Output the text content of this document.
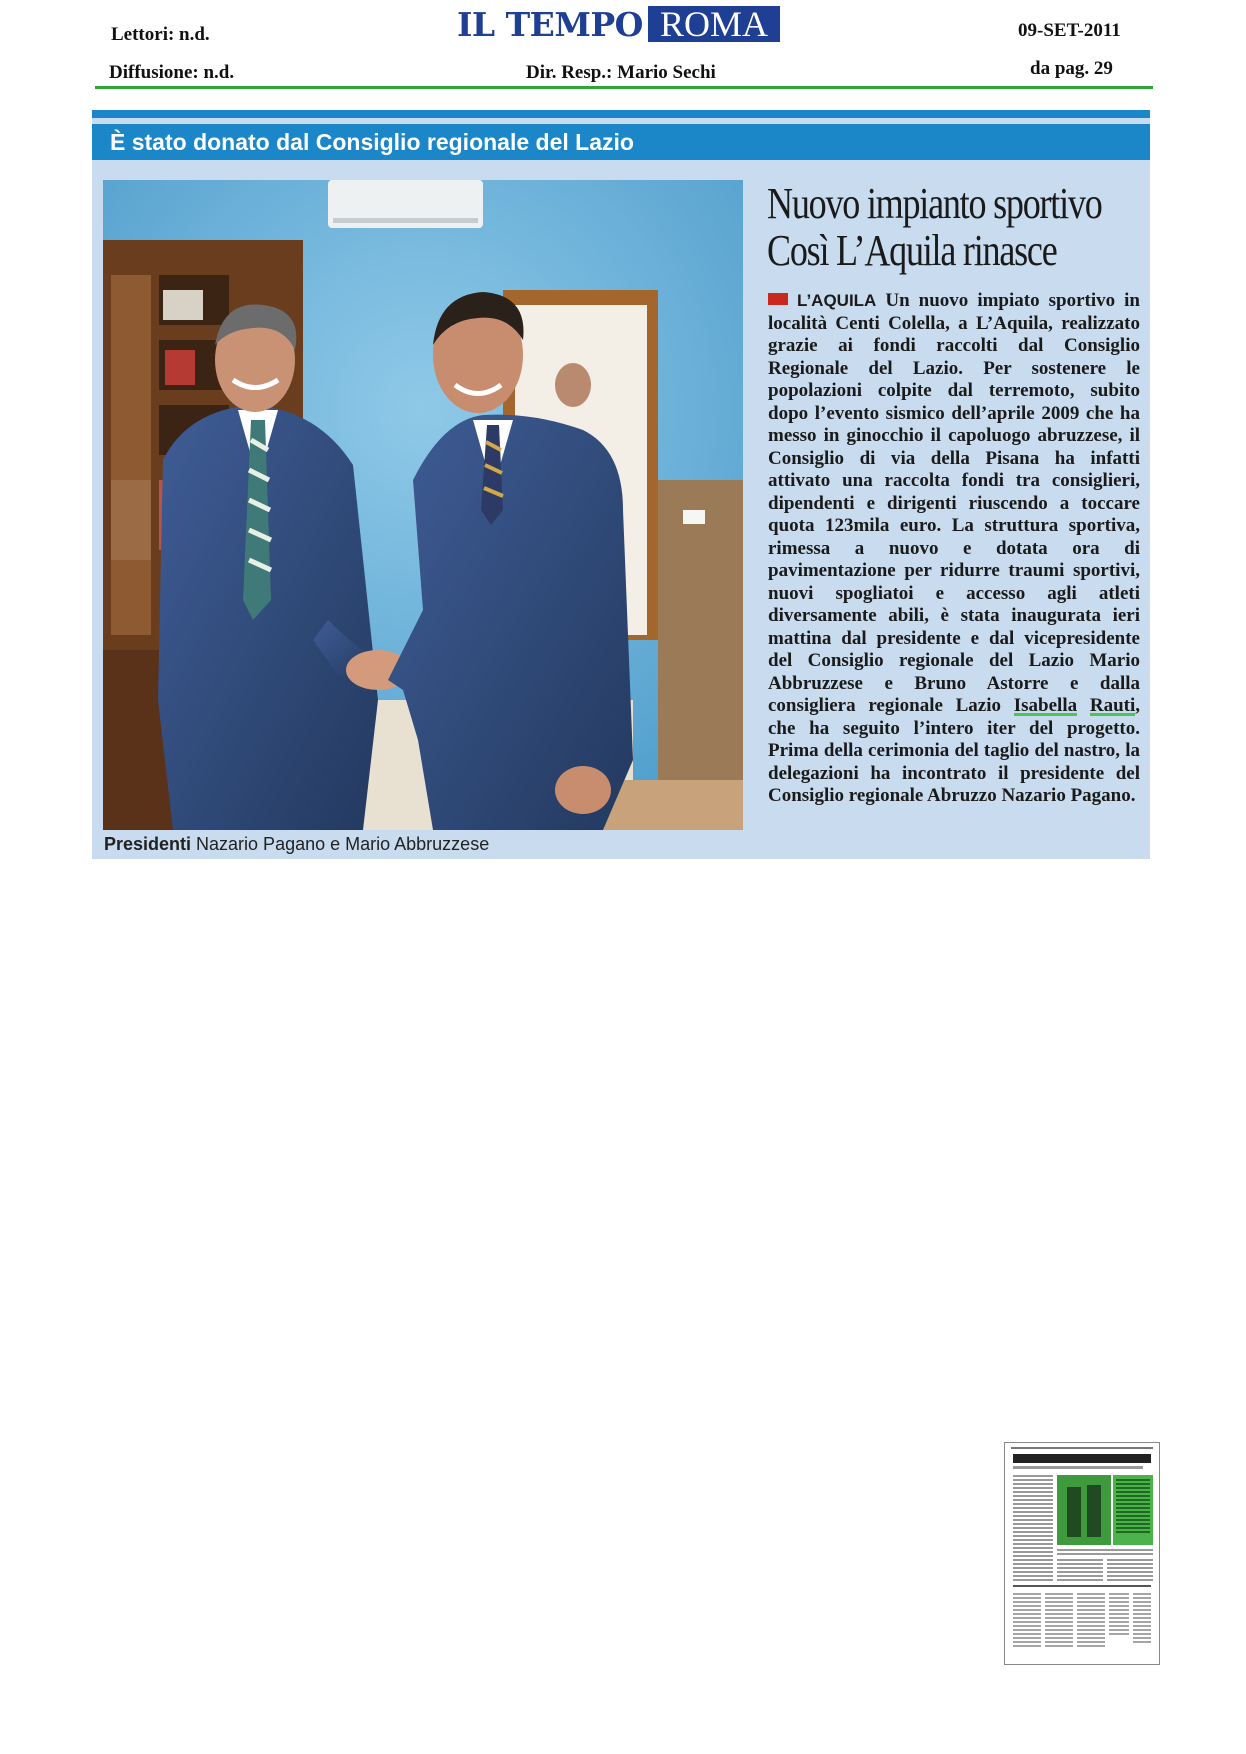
Lettori: n.d.
Diffusione: n.d.
IL TEMPO ROMA	09-SET-2011
Dir. Resp.: Mario Sechi	da pag. 29
È stato donato dal Consiglio regionale del Lazio
Presidenti Nazario Pagano e Mario Abbruzzese
Nuovo impianto sportivo
Così L’Aquila rinasce
L’AQUILA Un nuovo impiato sportivo in località Centi Colella, a L’Aquila, realizzato grazie ai fondi raccolti dal Consiglio Regionale del Lazio. Per sostenere le popolazioni colpite dal terremoto, subito dopo l’evento sismico dell’aprile 2009 che ha messo in ginocchio il capoluogo abruzzese, il Consiglio di via della Pisana ha infatti attivato una raccolta fondi tra consiglieri, dipendenti e dirigenti riuscendo a toccare quota 123mila euro. La struttura sportiva, rimessa a nuovo e dotata ora di pavimentazione per ridurre traumi sportivi, nuovi spogliatoi e accesso agli atleti diversamente abili, è stata inaugurata ieri mattina dal presidente e dal vicepresidente del Consiglio regionale del Lazio Mario Abbruzzese e Bruno Astorre e dalla consigliera regionale Lazio Isabella Rauti, che ha seguito l’intero iter del progetto. Prima della cerimonia del taglio del nastro, la delegazioni ha incontrato il presidente del Consiglio regionale Abruzzo Nazario Pagano.
